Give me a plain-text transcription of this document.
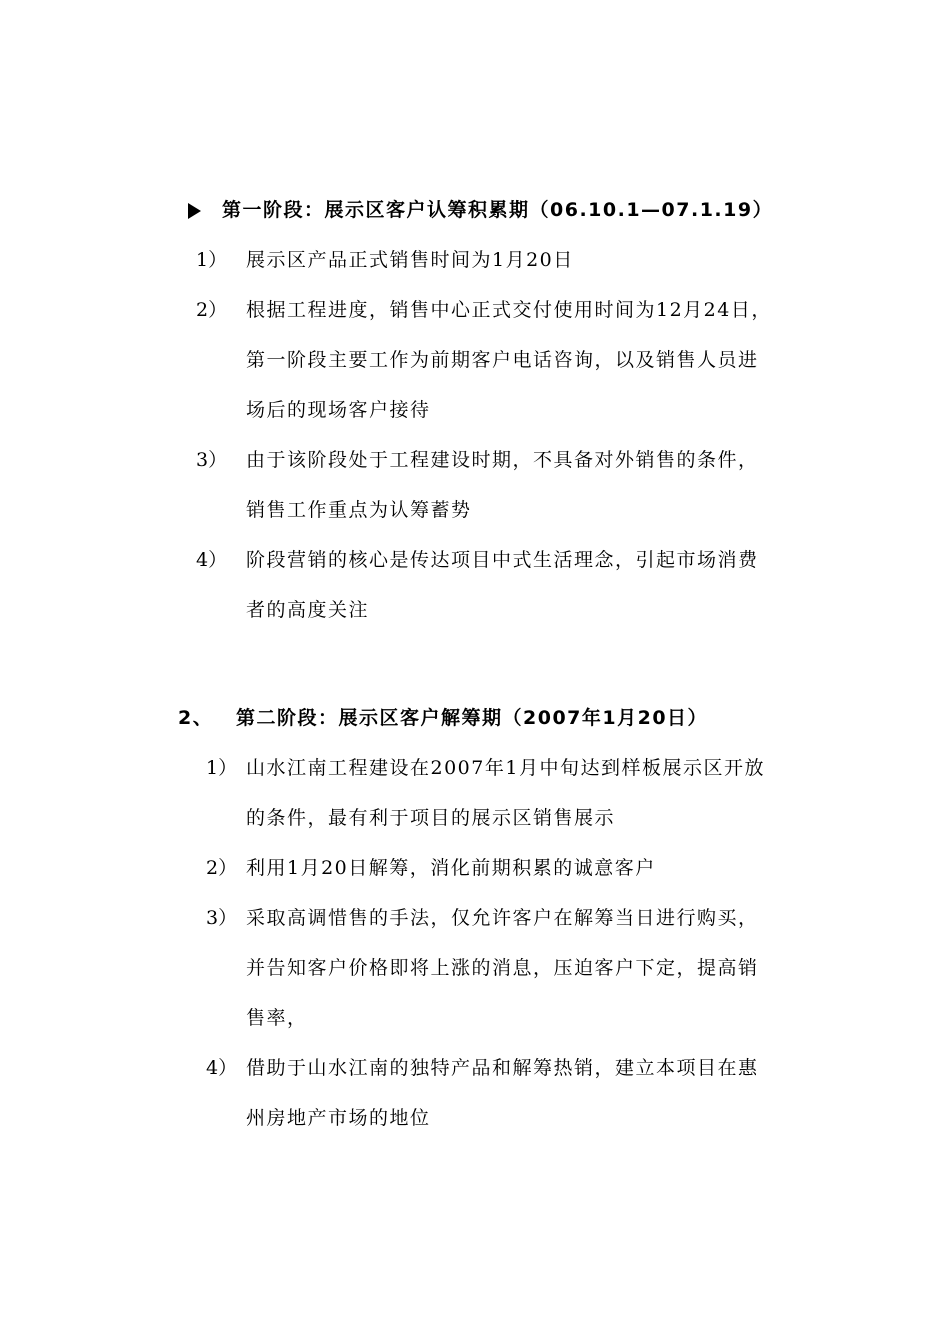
第一阶段：展示区客户认筹积累期（06.10.1—07.1.19）
1） 展示区产品正式销售时间为1月20日
2） 根据工程进度，销售中心正式交付使用时间为12月24日，
第一阶段主要工作为前期客户电话咨询，以及销售人员进
场后的现场客户接待
3） 由于该阶段处于工程建设时期，不具备对外销售的条件，
销售工作重点为认筹蓄势
4） 阶段营销的核心是传达项目中式生活理念，引起市场消费
者的高度关注
2、 第二阶段：展示区客户解筹期（2007年1月20日）
1） 山水江南工程建设在2007年1月中旬达到样板展示区开放
的条件，最有利于项目的展示区销售展示
2） 利用1月20日解筹，消化前期积累的诚意客户
3） 采取高调惜售的手法，仅允许客户在解筹当日进行购买，
并告知客户价格即将上涨的消息，压迫客户下定，提高销
售率，
4） 借助于山水江南的独特产品和解筹热销，建立本项目在惠
州房地产市场的地位
